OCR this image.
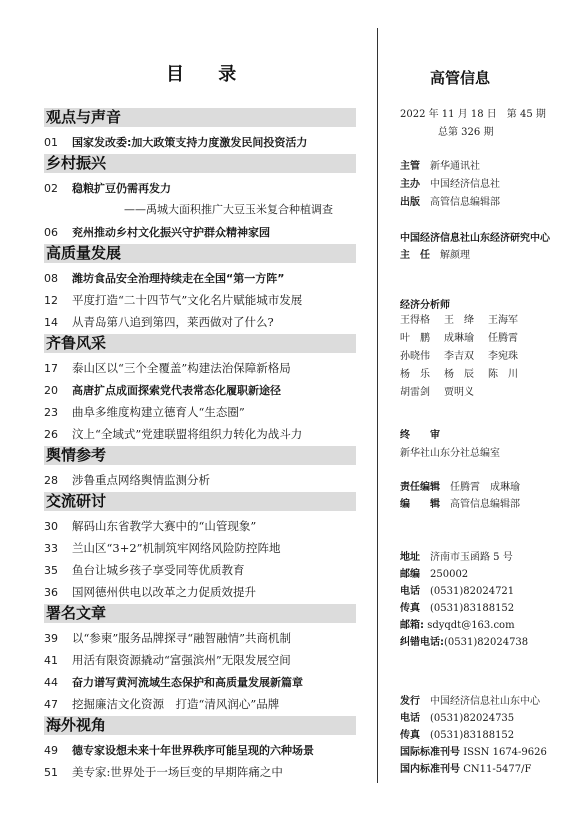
目 录
观点与声音
01 国家发改委:加大政策支持力度激发民间投资活力
乡村振兴
02 稳粮扩豆仍需再发力
——禹城大面积推广大豆玉米复合种植调查
06 兖州推动乡村文化振兴守护群众精神家园
高质量发展
08 潍坊食品安全治理持续走在全国“第一方阵”
12 平度打造“二十四节气”文化名片赋能城市发展
14 从青岛第八追到第四，莱西做对了什么?
齐鲁风采
17 泰山区以“三个全覆盖”构建法治保障新格局
20 高唐扩点成面探索党代表常态化履职新途径
23 曲阜多维度构建立德育人“生态圈”
26 汶上“全域式”党建联盟将组织力转化为战斗力
舆情参考
28 涉鲁重点网络舆情监测分析
交流研讨
30 解码山东省教学大赛中的“山管现象”
33 兰山区“3+2”机制筑牢网络风险防控阵地
35 鱼台让城乡孩子享受同等优质教育
36 国网德州供电以改革之力促质效提升
署名文章
39 以“参柬”服务品牌探寻“融智融情”共商机制
41 用活有限资源撬动“富强滨州”无限发展空间
44 奋力谱写黄河流域生态保护和高质量发展新篇章
47 挖掘廉洁文化资源　打造“清风润心”品牌
海外视角
49 德专家设想未来十年世界秩序可能呈现的六种场景
51 美专家:世界处于一场巨变的早期阵痛之中
高管信息
2022 年 11 月 18 日　第 45 期
总第 326 期
主管　 新华通讯社
主办　 中国经济信息社
出版　 高管信息编辑部
中国经济信息社山东经济研究中心
主　任　 解颜理
经济分析师
王得格 王　绛 王海军
叶　鹏 成琳瑜 任腾霄
孙晓伟 李吉双 李宛珠
杨　乐 杨　辰 陈　川
胡雷剑 贾明义
终　　审
新华社山东分社总编室
责任编辑　 任腾霄　成琳瑜
编　　辑　 高管信息编辑部
地址　 济南市玉函路 5 号
邮编　 250002
电话　 (0531)82024721
传真　 (0531)83188152
邮箱: sdyqdt@163.com
纠错电话:(0531)82024738
发行　 中国经济信息社山东中心
电话　 (0531)82024735
传真　 (0531)83188152
国际标准刊号 ISSN 1674-9626
国内标准刊号 CN11-5477/F
